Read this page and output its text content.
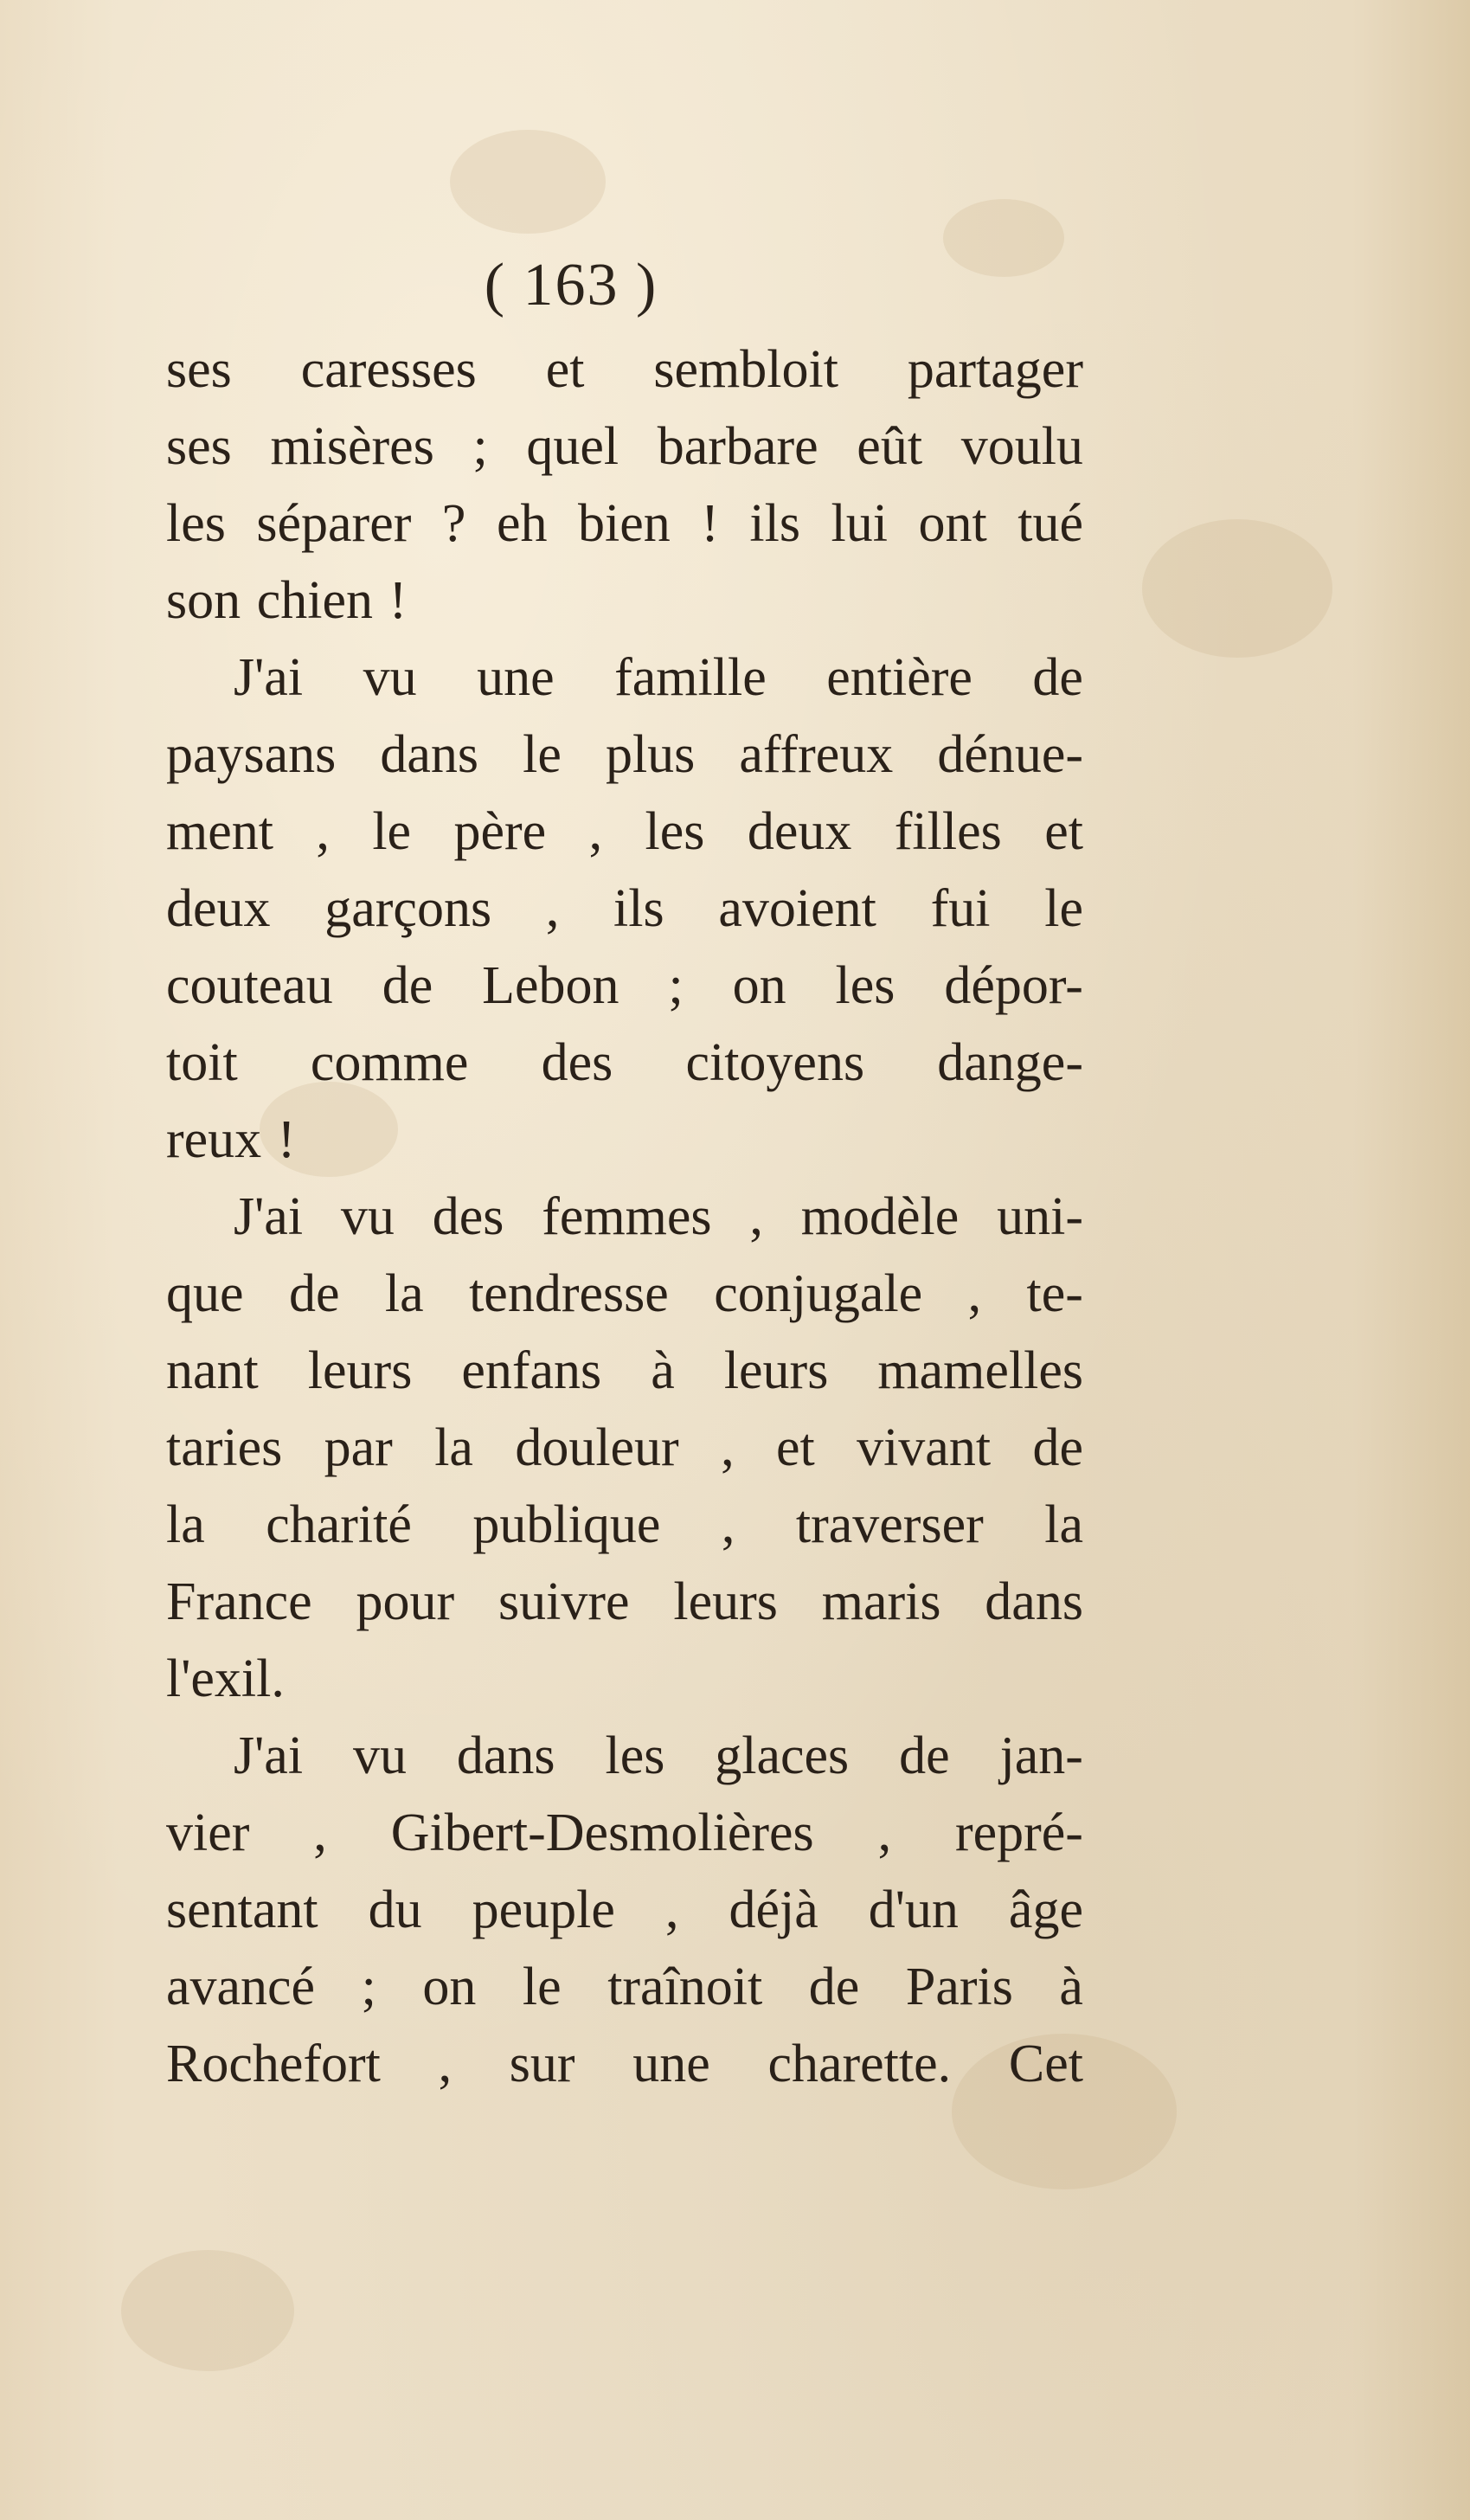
( 163 )
ses caresses et sembloit partager
ses misères ; quel barbare eût voulu
les séparer ? eh bien ! ils lui ont tué
son chien !
J'ai vu une famille entière de
paysans dans le plus affreux dénue-
ment , le père , les deux filles et
deux garçons , ils avoient fui le
couteau de Lebon ; on les dépor-
toit comme des citoyens dange-
reux !
J'ai vu des femmes , modèle uni-
que de la tendresse conjugale , te-
nant leurs enfans à leurs mamelles
taries par la douleur , et vivant de
la charité publique , traverser la
France pour suivre leurs maris dans
l'exil.
J'ai vu dans les glaces de jan-
vier , Gibert-Desmolières , repré-
sentant du peuple , déjà d'un âge
avancé ; on le traînoit de Paris à
Rochefort , sur une charette. Cet
